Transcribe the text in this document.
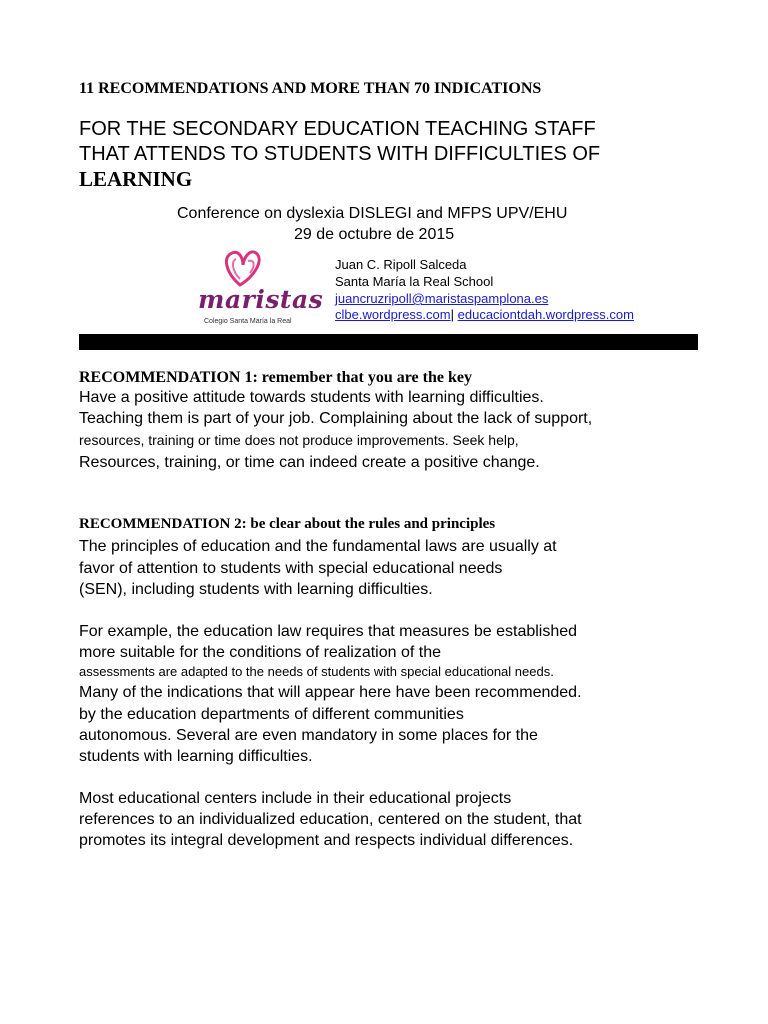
11 RECOMMENDATIONS AND MORE THAN 70 INDICATIONS
FOR THE SECONDARY EDUCATION TEACHING STAFF
THAT ATTENDS TO STUDENTS WITH DIFFICULTIES OF
LEARNING
Conference on dyslexia DISLEGI and MFPS UPV/EHU
29 de octubre de 2015
maristas
Colegio Santa María la Real
Juan C. Ripoll Salceda
Santa María la Real School
juancruzripoll@maristaspamplona.es
clbe.wordpress.com| educaciontdah.wordpress.com
RECOMMENDATION 1: remember that you are the key
Have a positive attitude towards students with learning difficulties.
Teaching them is part of your job. Complaining about the lack of support,
resources, training or time does not produce improvements. Seek help,
Resources, training, or time can indeed create a positive change.
RECOMMENDATION 2: be clear about the rules and principles
The principles of education and the fundamental laws are usually at
favor of attention to students with special educational needs
(SEN), including students with learning difficulties.
For example, the education law requires that measures be established
more suitable for the conditions of realization of the
assessments are adapted to the needs of students with special educational needs.
Many of the indications that will appear here have been recommended.
by the education departments of different communities
autonomous. Several are even mandatory in some places for the
students with learning difficulties.
Most educational centers include in their educational projects
references to an individualized education, centered on the student, that
promotes its integral development and respects individual differences.
